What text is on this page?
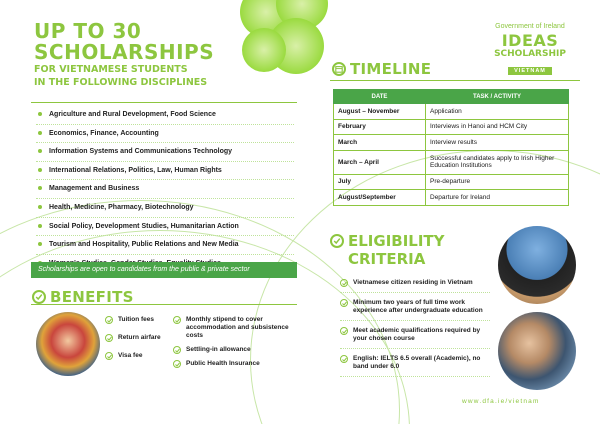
UP TO 30
SCHOLARSHIPS
FOR VIETNAMESE STUDENTS
IN THE FOLLOWING DISCIPLINES
Government of Ireland
IDEAS
SCHOLARSHIP
VIETNAM
Agriculture and Rural Development, Food Science
Economics, Finance, Accounting
Information Systems and Communications Technology
International Relations, Politics, Law, Human Rights
Management and Business
Health, Medicine, Pharmacy, Biotechnology
Social Policy, Development Studies, Humanitarian Action
Tourism and Hospitality, Public Relations and New Media
Scholarships are open to candidates from the public & private sector
TIMELINE
DATE	TASK / ACTIVITY
August – November	Application
February	Interviews in Hanoi and HCM City
March	Interview results
March – April	Successful candidates apply to Irish Higher Education Institutions
July	Pre-departure
August/September	Departure for Ireland
ELIGIBILITY
CRITERIA
Vietnamese citizen residing in Vietnam
Minimum two years of full time work experience after undergraduate education
Meet academic qualifications required by your chosen course
English: IELTS 6.5 overall (Academic), no band under 6.0
BENEFITS
Tuition fees
Return airfare
Visa fee
Monthly stipend to cover accommodation and subsistence costs
Settling-in allowance
Public Health Insurance
www.dfa.ie/vietnam
